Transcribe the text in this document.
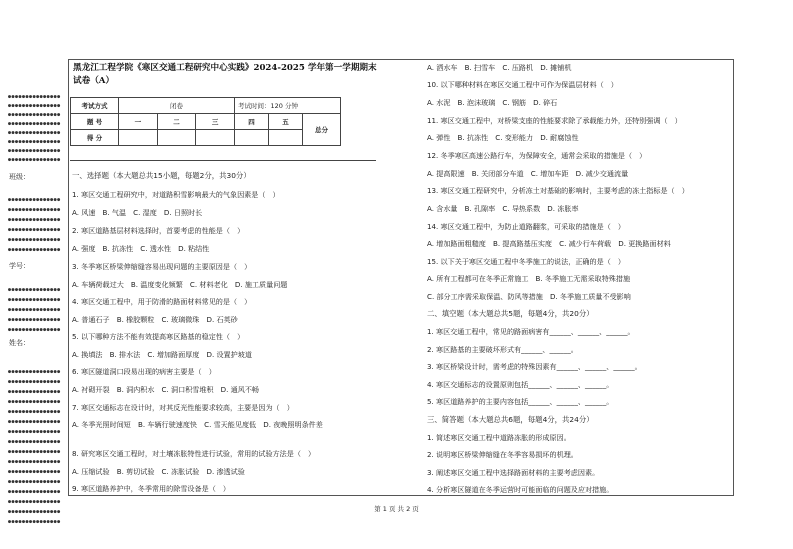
●●●●●●●●●●●●●●●
●●●●●●●●●●●●●●●
●●●●●●●●●●●●●●●
●●●●●●●●●●●●●●●
●●●●●●●●●●●●●●●
●●●●●●●●●●●●●●●
●●●●●●●●●●●●●●●
●●●●●●●●●●●●●●●
班级：
●●●●●●●●●●●●●●●
●●●●●●●●●●●●●●●
●●●●●●●●●●●●●●●
●●●●●●●●●●●●●●●
●●●●●●●●●●●●●●●
●●●●●●●●●●●●●●●
学号：
●●●●●●●●●●●●●●●
●●●●●●●●●●●●●●●
●●●●●●●●●●●●●●●
●●●●●●●●●●●●●●●
●●●●●●●●●●●●●●●
姓名：
●●●●●●●●●●●●●●●
●●●●●●●●●●●●●●●
●●●●●●●●●●●●●●●
●●●●●●●●●●●●●●●
●●●●●●●●●●●●●●●
●●●●●●●●●●●●●●●
●●●●●●●●●●●●●●●
●●●●●●●●●●●●●●●
●●●●●●●●●●●●●●●
●●●●●●●●●●●●●●●
●●●●●●●●●●●●●●●
●●●●●●●●●●●●●●●
●●●●●●●●●●●●●●●
●●●●●●●●●●●●●●●
●●●●●●●●●●●●●●●
●●●●●●●●●●●●●●●
黑龙江工程学院《寒区交通工程研究中心实践》2024-2025 学年第一学期期末试卷（A）
考试方式	闭卷			考试时间：120 分钟		
题 号	一	二	三	四	五	总分
得 分						
一、选择题（本大题总共15小题，每题2分，共30分）
1. 寒区交通工程研究中，对道路积雪影响最大的气象因素是（　）
A. 风速　B. 气温　C. 湿度　D. 日照时长
2. 寒区道路基层材料选择时，首要考虑的性能是（　）
A. 强度　B. 抗冻性　C. 透水性　D. 粘结性
3. 冬季寒区桥梁伸缩缝容易出现问题的主要原因是（　）
A. 车辆荷载过大　B. 温度变化频繁　C. 材料老化　D. 施工质量问题
4. 寒区交通工程中，用于防滑的路面材料常见的是（　）
A. 普通石子　B. 橡胶颗粒　C. 玻璃微珠　D. 石英砂
5. 以下哪种方法不能有效提高寒区路基的稳定性（　）
A. 换填法　B. 排水法　C. 增加路面厚度　D. 设置护坡道
6. 寒区隧道洞口段易出现的病害主要是（　）
A. 衬砌开裂　B. 洞内积水　C. 洞口积雪堆积　D. 通风不畅
7. 寒区交通标志在设计时，对其反光性能要求较高，主要是因为（　）
A. 冬季光照时间短　B. 车辆行驶速度快　C. 雪天能见度低　D. 夜晚照明条件差
8. 研究寒区交通工程时，对土壤冻胀特性进行试验，常用的试验方法是（　）
A. 压缩试验　B. 剪切试验　C. 冻胀试验　D. 渗透试验
9. 寒区道路养护中，冬季常用的除雪设备是（　）
A. 洒水车　B. 扫雪车　C. 压路机　D. 摊铺机
10. 以下哪种材料在寒区交通工程中可作为保温层材料（　）
A. 水泥　B. 泡沫玻璃　C. 钢筋　D. 碎石
11. 寒区交通工程中，对桥梁支座的性能要求除了承载能力外，还特别强调（　）
A. 弹性　B. 抗冻性　C. 变形能力　D. 耐腐蚀性
12. 冬季寒区高速公路行车，为保障安全，通常会采取的措施是（　）
A. 提高限速　B. 关闭部分车道　C. 增加车距　D. 减少交通流量
13. 寒区交通工程研究中，分析冻土对基础的影响时，主要考虑的冻土指标是（　）
A. 含水量　B. 孔隙率　C. 导热系数　D. 冻胀率
14. 寒区交通工程中，为防止道路翻浆，可采取的措施是（　）
A. 增加路面粗糙度　B. 提高路基压实度　C. 减少行车荷载　D. 更换路面材料
15. 以下关于寒区交通工程中冬季施工的说法，正确的是（　）
A. 所有工程都可在冬季正常施工　B. 冬季施工无需采取特殊措施
C. 部分工序需采取保温、防风等措施　D. 冬季施工质量不受影响
二、填空题（本大题总共5题，每题4分，共20分）
1. 寒区交通工程中，常见的路面病害有______、______、______。
2. 寒区路基的主要破坏形式有______、______。
3. 寒区桥梁设计时，需考虑的特殊因素有______、______、______。
4. 寒区交通标志的设置原则包括______、______、______。
5. 寒区道路养护的主要内容包括______、______、______。
三、简答题（本大题总共6题，每题4分，共24分）
1. 简述寒区交通工程中道路冻胀的形成原因。
2. 说明寒区桥梁伸缩缝在冬季容易损坏的机理。
3. 阐述寒区交通工程中选择路面材料的主要考虑因素。
4. 分析寒区隧道在冬季运营时可能面临的问题及应对措施。
第 1 页 共 2 页
